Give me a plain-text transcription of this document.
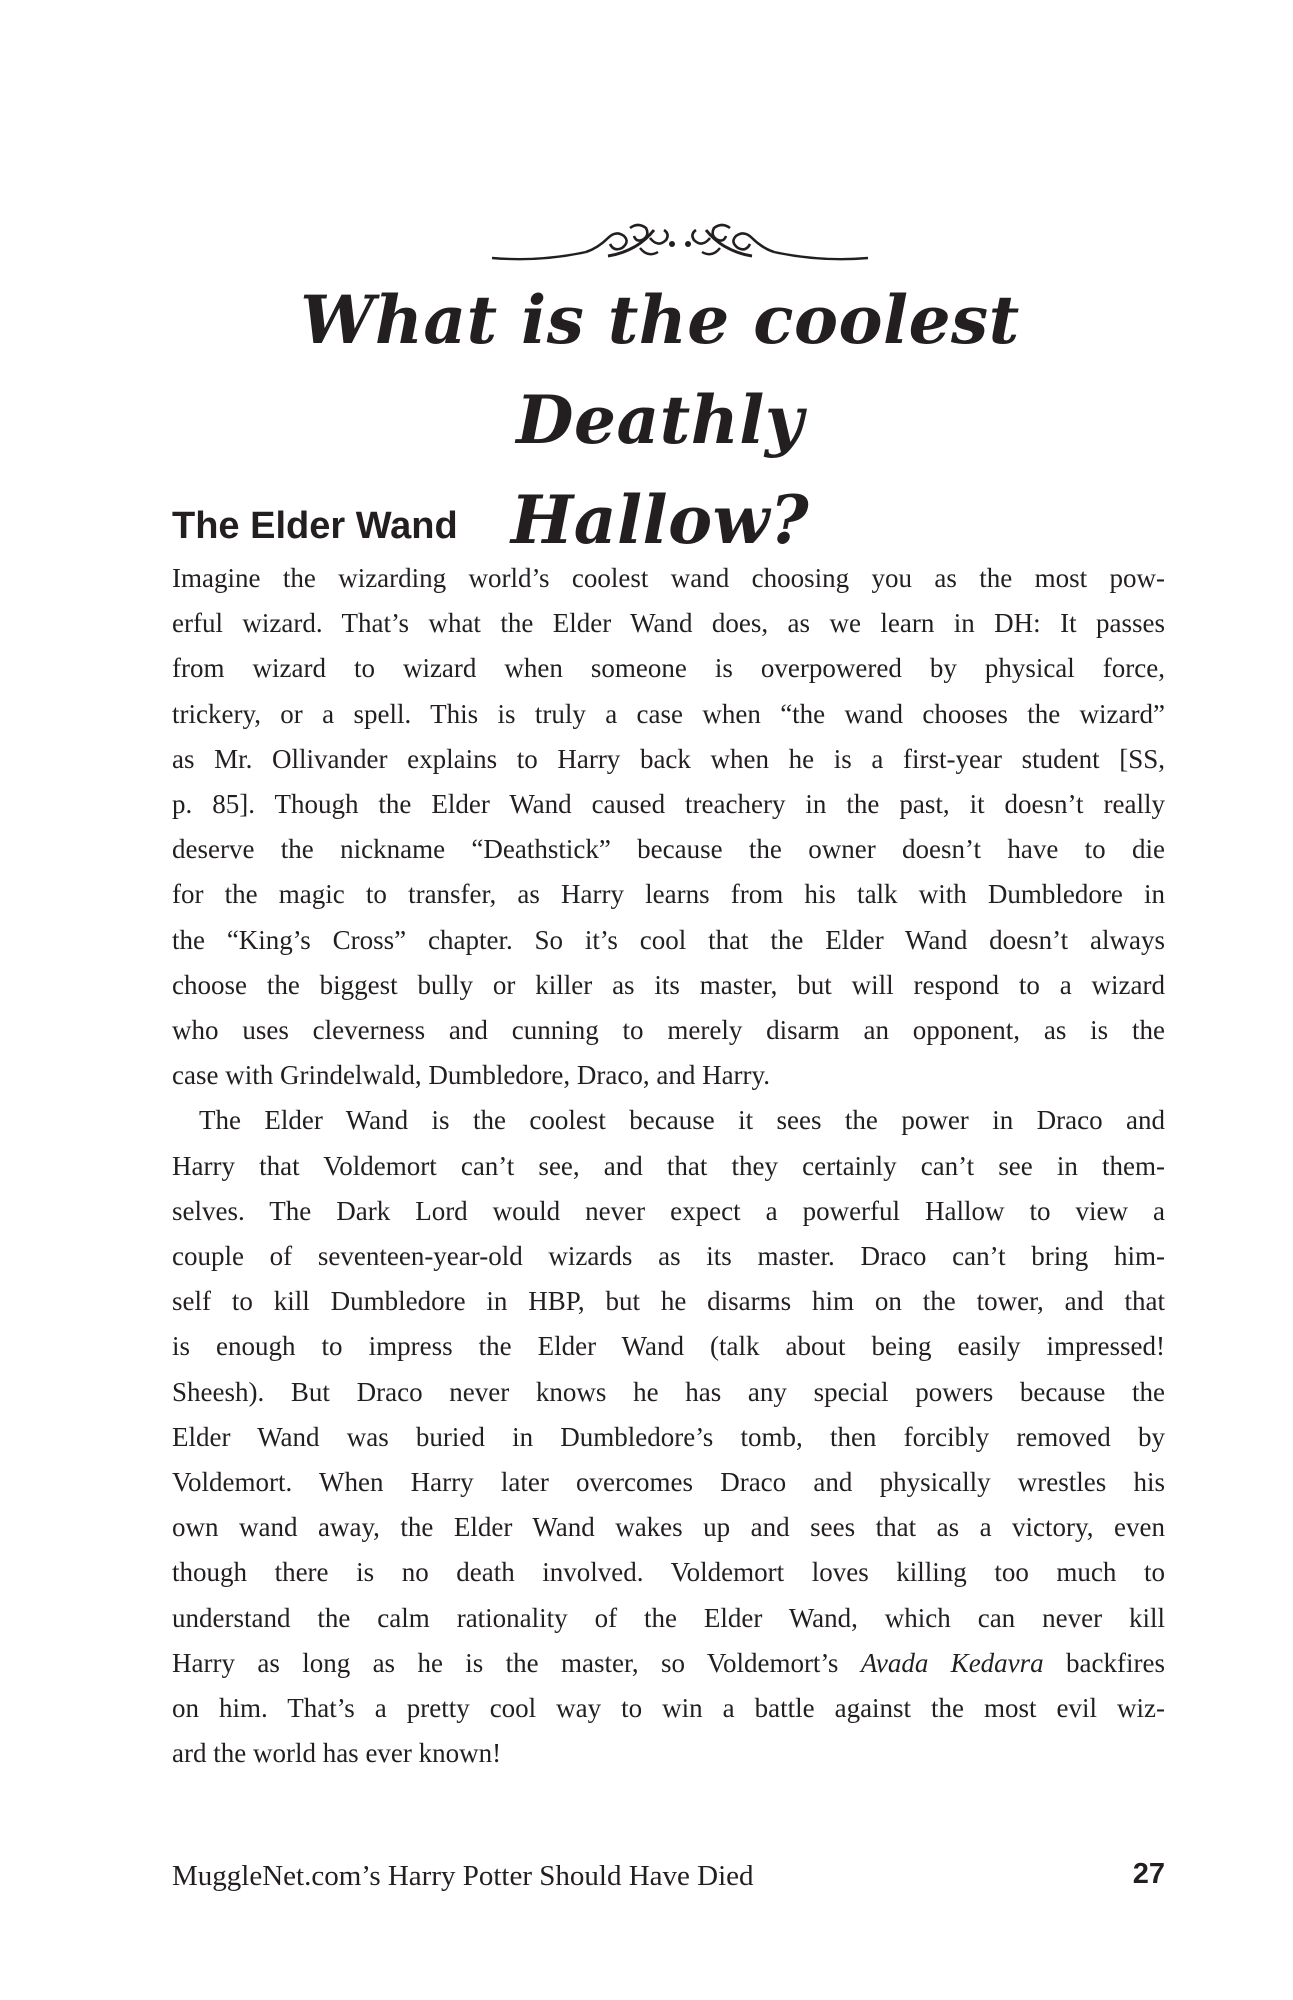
What is the coolest Deathly
Hallow?
The Elder Wand

Imagine the wizarding world’s coolest wand choosing you as the most pow-
erful wizard. That’s what the Elder Wand does, as we learn in DH: It passes
from wizard to wizard when someone is overpowered by physical force,
trickery, or a spell. This is truly a case when “the wand chooses the wizard”
as Mr. Ollivander explains to Harry back when he is a first-year student [SS,
p. 85]. Though the Elder Wand caused treachery in the past, it doesn’t really
deserve the nickname “Deathstick” because the owner doesn’t have to die
for the magic to transfer, as Harry learns from his talk with Dumbledore in
the “King’s Cross” chapter. So it’s cool that the Elder Wand doesn’t always
choose the biggest bully or killer as its master, but will respond to a wizard
who uses cleverness and cunning to merely disarm an opponent, as is the
case with Grindelwald, Dumbledore, Draco, and Harry.

The Elder Wand is the coolest because it sees the power in Draco and
Harry that Voldemort can’t see, and that they certainly can’t see in them-
selves. The Dark Lord would never expect a powerful Hallow to view a
couple of seventeen-year-old wizards as its master. Draco can’t bring him-
self to kill Dumbledore in HBP, but he disarms him on the tower, and that
is enough to impress the Elder Wand (talk about being easily impressed!
Sheesh). But Draco never knows he has any special powers because the
Elder Wand was buried in Dumbledore’s tomb, then forcibly removed by
Voldemort. When Harry later overcomes Draco and physically wrestles his
own wand away, the Elder Wand wakes up and sees that as a victory, even
though there is no death involved. Voldemort loves killing too much to
understand the calm rationality of the Elder Wand, which can never kill
Harry as long as he is the master, so Voldemort’s Avada Kedavra backfires
on him. That’s a pretty cool way to win a battle against the most evil wiz-
ard the world has ever known!

MuggleNet.com’s Harry Potter Should Have Died	27
